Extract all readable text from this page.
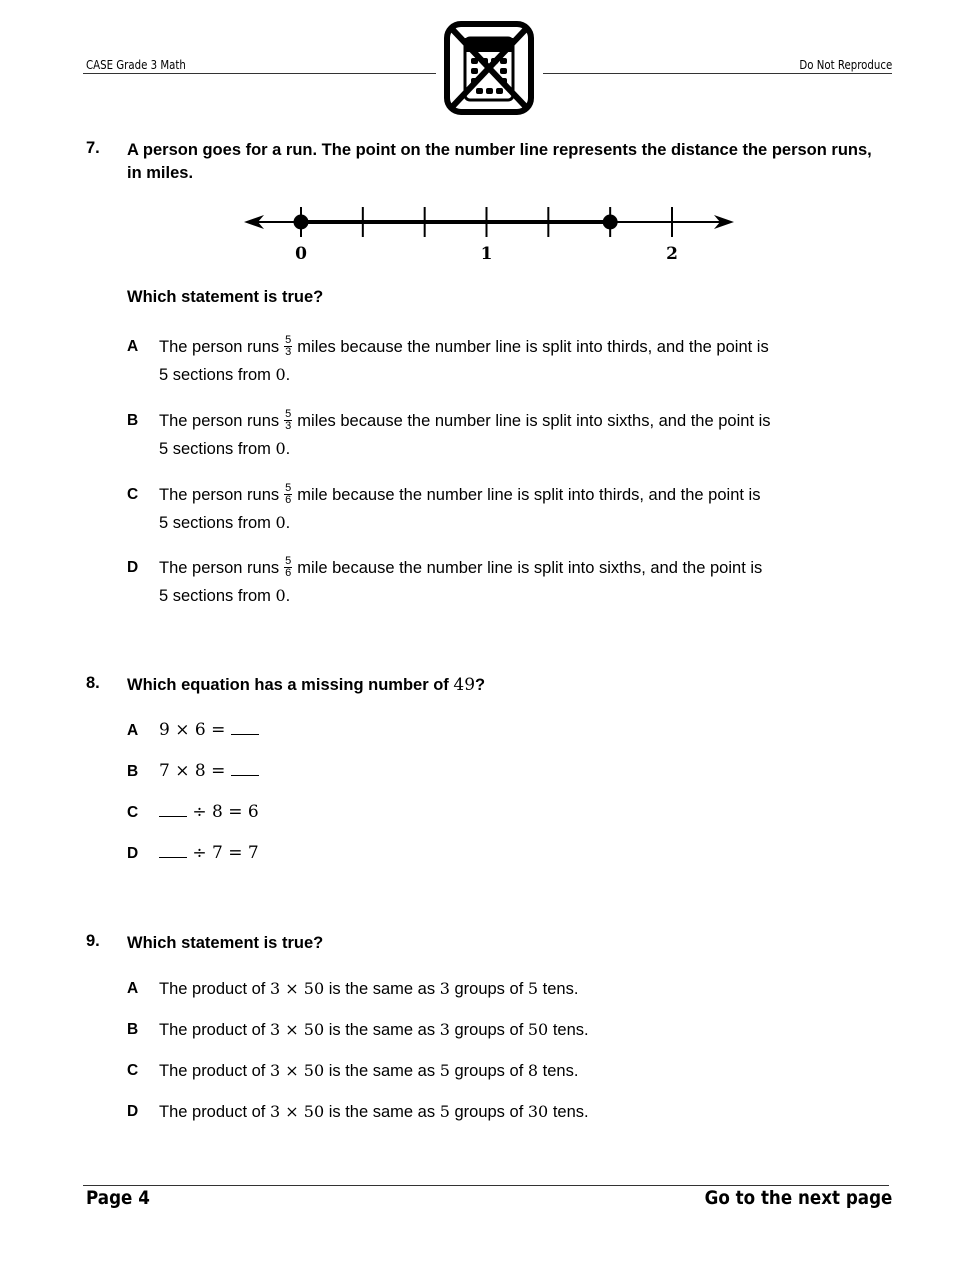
CASE Grade 3 Math	Do Not Reproduce
7. A person goes for a run. The point on the number line represents the distance the person runs,
in miles.
0	1	2
Which statement is true?
A The person runs $\frac{5}{3}$ miles because the number line is split into thirds, and the point is
5 sections from 0.
B The person runs $\frac{5}{3}$ miles because the number line is split into sixths, and the point is
5 sections from 0.
C The person runs $\frac{5}{6}$ mile because the number line is split into thirds, and the point is
5 sections from 0.
D The person runs $\frac{5}{6}$ mile because the number line is split into sixths, and the point is
5 sections from 0.
8. Which equation has a missing number of 49?
A 9 × 6 =
B 7 × 8 =
C	÷ 8 = 6
D	÷ 7 = 7
9. Which statement is true?
A The product of 3 × 50 is the same as 3 groups of 5 tens.
B The product of 3 × 50 is the same as 3 groups of 50 tens.
C The product of 3 × 50 is the same as 5 groups of 8 tens.
D The product of 3 × 50 is the same as 5 groups of 30 tens.
Page 4	Go to the next page
